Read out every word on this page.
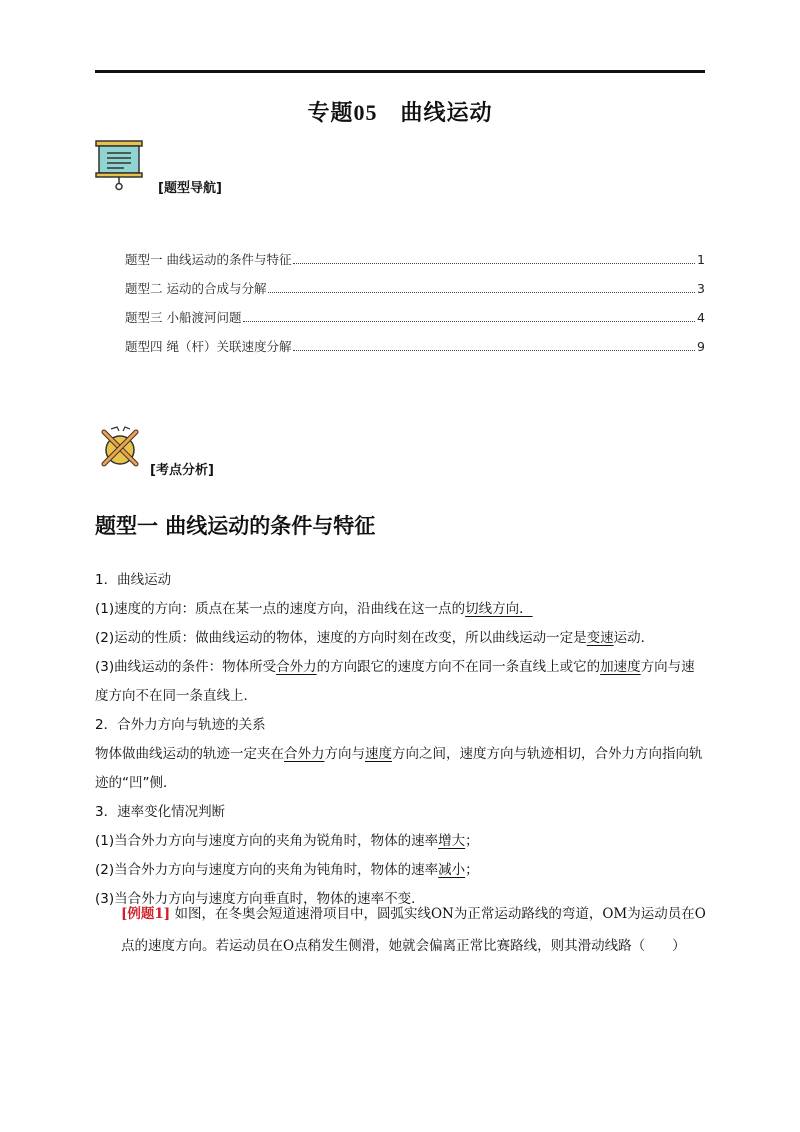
专题05　曲线运动
[题型导航]
题型一 曲线运动的条件与特征	1
题型二 运动的合成与分解	3
题型三 小船渡河问题	4
题型四 绳（杆）关联速度分解	9
[考点分析]
题型一 曲线运动的条件与特征

1．曲线运动

(1)速度的方向：质点在某一点的速度方向，沿曲线在这一点的切线方向．

(2)运动的性质：做曲线运动的物体，速度的方向时刻在改变，所以曲线运动一定是变速运动．

(3)曲线运动的条件：物体所受合外力的方向跟它的速度方向不在同一条直线上或它的加速度方向与速度方向不在同一条直线上．

2．合外力方向与轨迹的关系

物体做曲线运动的轨迹一定夹在合外力方向与速度方向之间，速度方向与轨迹相切，合外力方向指向轨迹的“凹”侧．

3．速率变化情况判断

(1)当合外力方向与速度方向的夹角为锐角时，物体的速率增大；

(2)当合外力方向与速度方向的夹角为钝角时，物体的速率减小；

(3)当合外力方向与速度方向垂直时，物体的速率不变．

[例题1] 如图，在冬奥会短道速滑项目中，圆弧实线ON为正常运动路线的弯道，OM为运动员在O点的速度方向。若运动员在O点稍发生侧滑，她就会偏离正常比赛路线，则其滑动线路（　　）
